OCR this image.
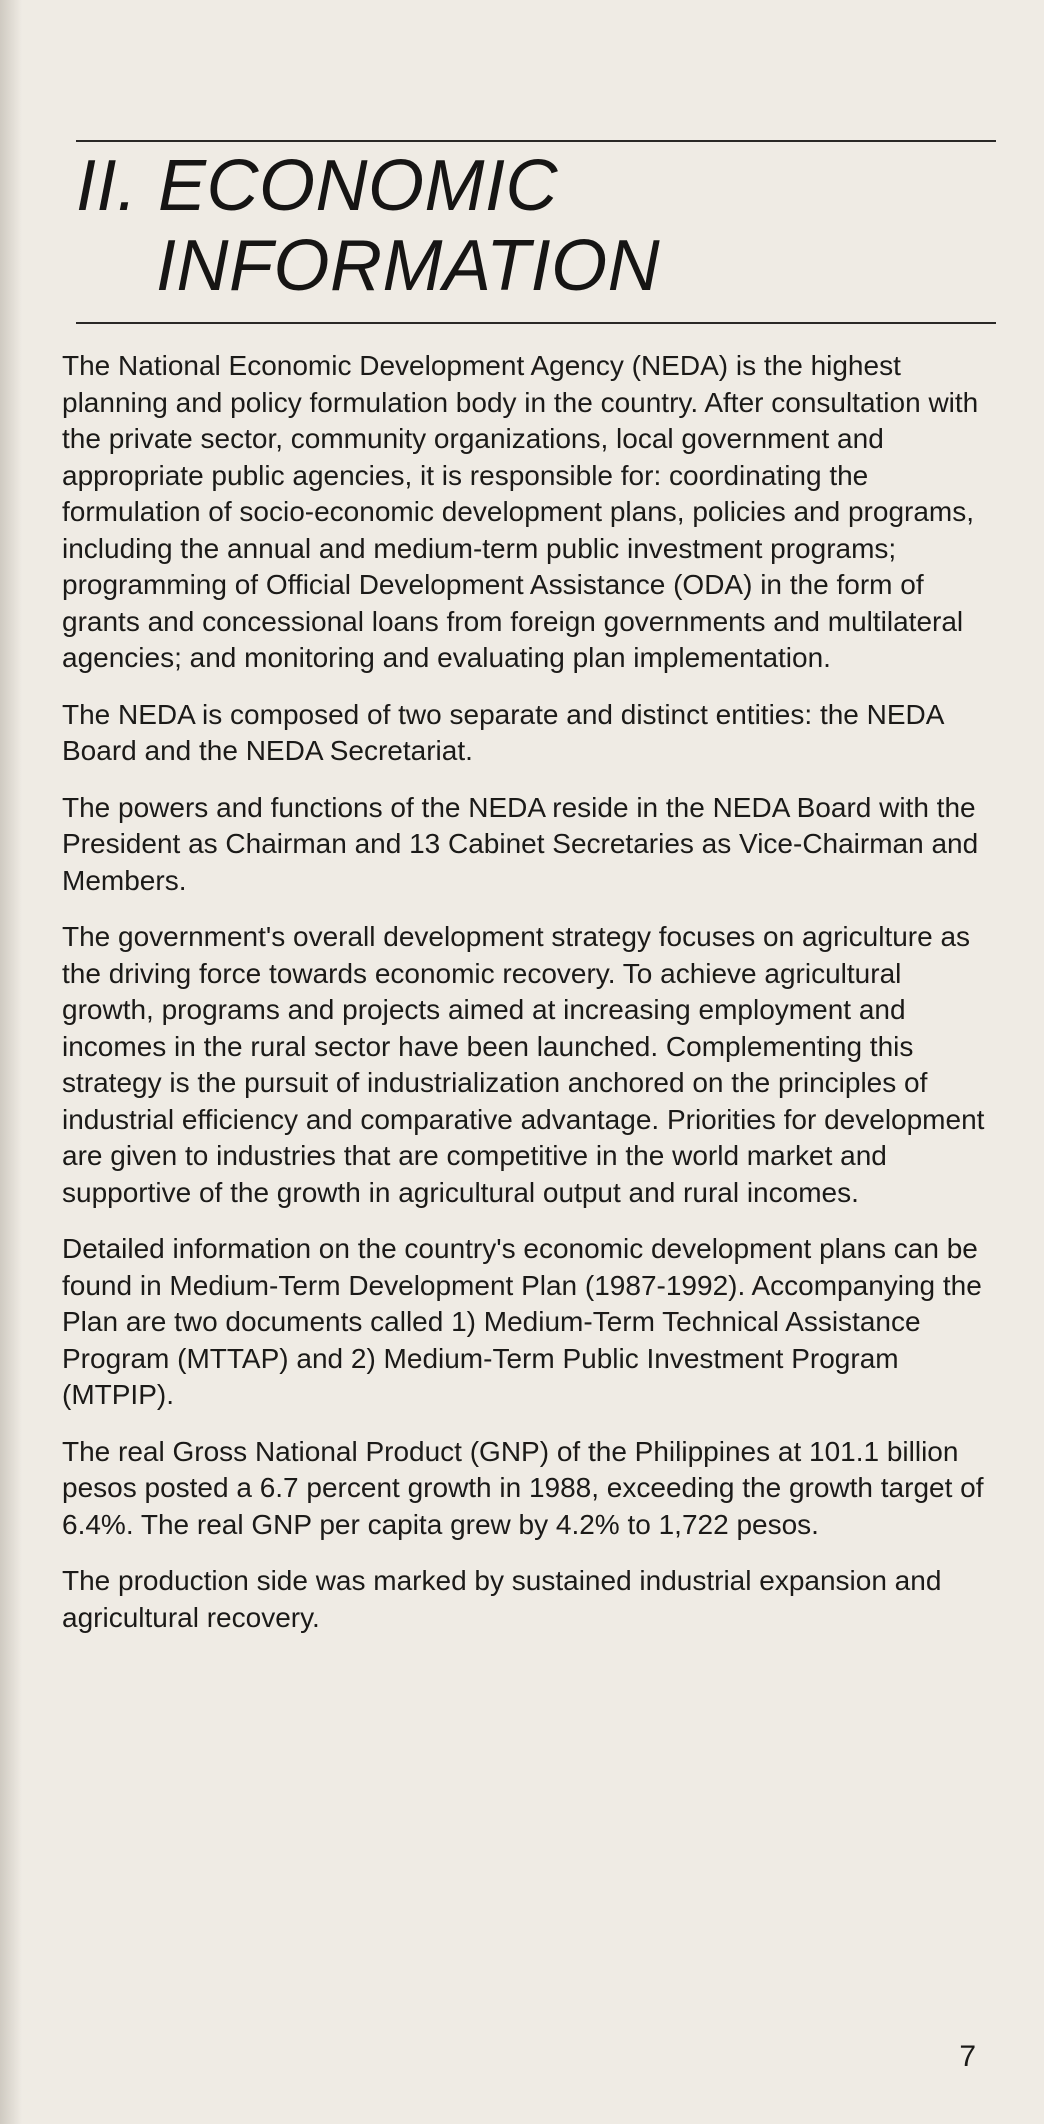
II. ECONOMIC
INFORMATION

The National Economic Development Agency (NEDA) is the highest planning and policy formulation body in the country. After consultation with the private sector, community organizations, local government and appropriate public agencies, it is responsible for: coordinating the formulation of socio-economic development plans, policies and programs, including the annual and medium-term public investment programs; programming of Official Development Assistance (ODA) in the form of grants and concessional loans from foreign governments and multilateral agencies; and monitoring and evaluating plan implementation.

The NEDA is composed of two separate and distinct entities: the NEDA Board and the NEDA Secretariat.

The powers and functions of the NEDA reside in the NEDA Board with the President as Chairman and 13 Cabinet Secretaries as Vice-Chairman and Members.

The government's overall development strategy focuses on agriculture as the driving force towards economic recovery. To achieve agricultural growth, programs and projects aimed at increasing employment and incomes in the rural sector have been launched. Complementing this strategy is the pursuit of industrialization anchored on the principles of industrial efficiency and comparative advantage. Priorities for development are given to industries that are competitive in the world market and supportive of the growth in agricultural output and rural incomes.

Detailed information on the country's economic development plans can be found in Medium-Term Development Plan (1987-1992). Accompanying the Plan are two documents called 1) Medium-Term Technical Assistance Program (MTTAP) and 2) Medium-Term Public Investment Program (MTPIP).

The real Gross National Product (GNP) of the Philippines at 101.1 billion pesos posted a 6.7 percent growth in 1988, exceeding the growth target of 6.4%. The real GNP per capita grew by 4.2% to 1,722 pesos.

The production side was marked by sustained industrial expansion and agricultural recovery.

7
